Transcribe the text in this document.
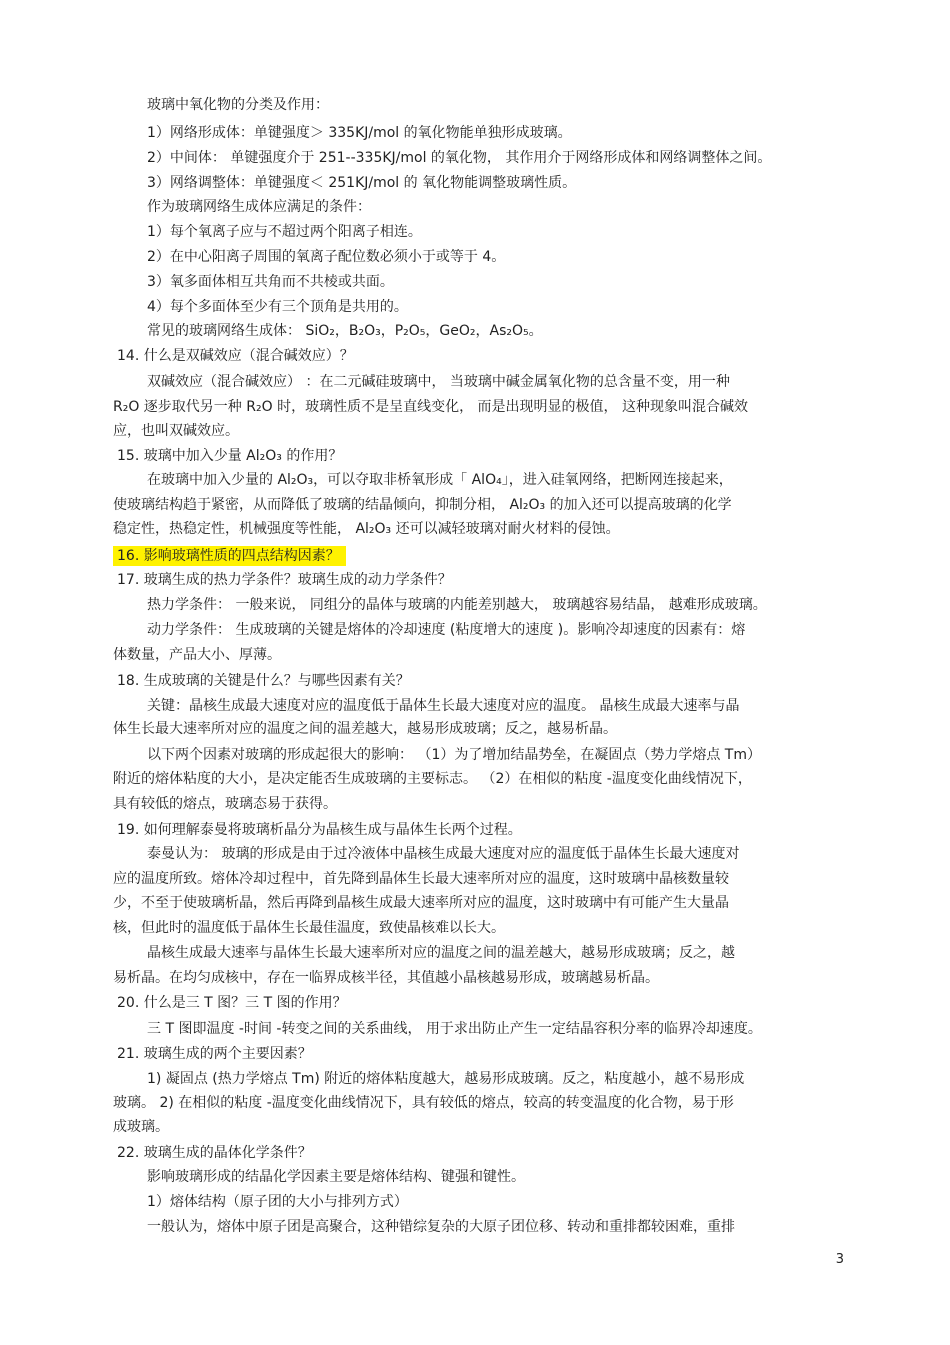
玻璃中氧化物的分类及作用：
1）网络形成体：单键强度＞ 335KJ/mol 的氧化物能单独形成玻璃。
2）中间体： 单键强度介于 251--335KJ/mol 的氧化物， 其作用介于网络形成体和网络调整体之间。
3）网络调整体：单键强度＜ 251KJ/mol 的 氧化物能调整玻璃性质。
作为玻璃网络生成体应满足的条件：
1）每个氧离子应与不超过两个阳离子相连。
2）在中心阳离子周围的氧离子配位数必须小于或等于 4。
3）氧多面体相互共角而不共棱或共面。
4）每个多面体至少有三个顶角是共用的。
常见的玻璃网络生成体： SiO₂，B₂O₃，P₂O₅，GeO₂，As₂O₅。
14. 什么是双碱效应（混合碱效应）？
双碱效应（混合碱效应） ：在二元碱硅玻璃中， 当玻璃中碱金属氧化物的总含量不变，用一种
R₂O 逐步取代另一种 R₂O 时，玻璃性质不是呈直线变化， 而是出现明显的极值， 这种现象叫混合碱效
应，也叫双碱效应。
15. 玻璃中加入少量 Al₂O₃ 的作用？
在玻璃中加入少量的 Al₂O₃，可以夺取非桥氧形成「 AlO₄」，进入硅氧网络，把断网连接起来，
使玻璃结构趋于紧密，从而降低了玻璃的结晶倾向，抑制分相， Al₂O₃ 的加入还可以提高玻璃的化学
稳定性，热稳定性，机械强度等性能， Al₂O₃ 还可以减轻玻璃对耐火材料的侵蚀。
16. 影响玻璃性质的四点结构因素？
17. 玻璃生成的热力学条件？玻璃生成的动力学条件？
热力学条件： 一般来说， 同组分的晶体与玻璃的内能差别越大， 玻璃越容易结晶， 越难形成玻璃。
动力学条件： 生成玻璃的关键是熔体的冷却速度 (粘度增大的速度 )。影响冷却速度的因素有：熔
体数量，产品大小、厚薄。
18. 生成玻璃的关键是什么？与哪些因素有关？
关键：晶核生成最大速度对应的温度低于晶体生长最大速度对应的温度。 晶核生成最大速率与晶
体生长最大速率所对应的温度之间的温差越大，越易形成玻璃；反之，越易析晶。
以下两个因素对玻璃的形成起很大的影响： （1）为了增加结晶势垒，在凝固点（势力学熔点 Tm）
附近的熔体粘度的大小，是决定能否生成玻璃的主要标志。 （2）在相似的粘度 -温度变化曲线情况下，
具有较低的熔点，玻璃态易于获得。
19. 如何理解泰曼将玻璃析晶分为晶核生成与晶体生长两个过程。
泰曼认为： 玻璃的形成是由于过冷液体中晶核生成最大速度对应的温度低于晶体生长最大速度对
应的温度所致。熔体冷却过程中，首先降到晶体生长最大速率所对应的温度，这时玻璃中晶核数量较
少，不至于使玻璃析晶，然后再降到晶核生成最大速率所对应的温度，这时玻璃中有可能产生大量晶
核，但此时的温度低于晶体生长最佳温度，致使晶核难以长大。
晶核生成最大速率与晶体生长最大速率所对应的温度之间的温差越大，越易形成玻璃；反之，越
易析晶。在均匀成核中，存在一临界成核半径，其值越小晶核越易形成，玻璃越易析晶。
20. 什么是三 T 图？三 T 图的作用？
三 T 图即温度 -时间 -转变之间的关系曲线， 用于求出防止产生一定结晶容积分率的临界冷却速度。
21. 玻璃生成的两个主要因素？
1) 凝固点 (热力学熔点 Tm) 附近的熔体粘度越大，越易形成玻璃。反之，粘度越小，越不易形成
玻璃。 2) 在相似的粘度 -温度变化曲线情况下，具有较低的熔点，较高的转变温度的化合物，易于形
成玻璃。
22. 玻璃生成的晶体化学条件？
影响玻璃形成的结晶化学因素主要是熔体结构、键强和键性。
1）熔体结构（原子团的大小与排列方式）
一般认为，熔体中原子团是高聚合，这种错综复杂的大原子团位移、转动和重排都较困难，重排
3
